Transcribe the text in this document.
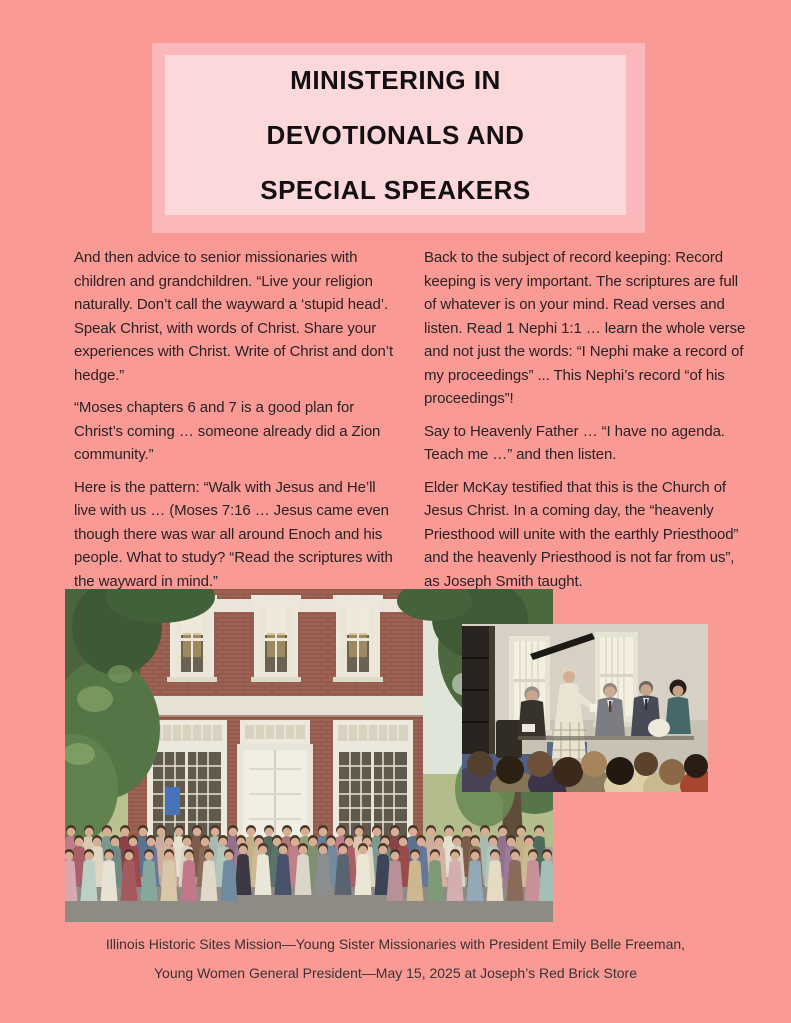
MINISTERING IN
DEVOTIONALS AND
SPECIAL SPEAKERS

And then advice to senior missionaries with children and grandchildren. “Live your religion naturally. Don’t call the wayward a ‘stupid head’. Speak Christ, with words of Christ. Share your experiences with Christ. Write of Christ and don’t hedge.”

“Moses chapters 6 and 7 is a good plan for Christ’s coming … someone already did a Zion community.”

Here is the pattern: “Walk with Jesus and He’ll live with us … (Moses 7:16 … Jesus came even though there was war all around Enoch and his people. What to study? “Read the scriptures with the wayward in mind.”

Back to the subject of record keeping: Record keeping is very important. The scriptures are full of whatever is on your mind. Read verses and listen. Read 1 Nephi 1:1 … learn the whole verse and not just the words: “I Nephi make a record of my proceedings” ... This Nephi’s record “of his proceedings”!

Say to Heavenly Father … “I have no agenda. Teach me …” and then listen.

Elder McKay testified that this is the Church of Jesus Christ. In a coming day, the “heavenly Priesthood will unite with the earthly Priesthood” and the heavenly Priesthood is not far from us”, as Joseph Smith taught.

Illinois Historic Sites Mission—Young Sister Missionaries with President Emily Belle Freeman,
Young Women General President—May 15, 2025 at Joseph’s Red Brick Store
